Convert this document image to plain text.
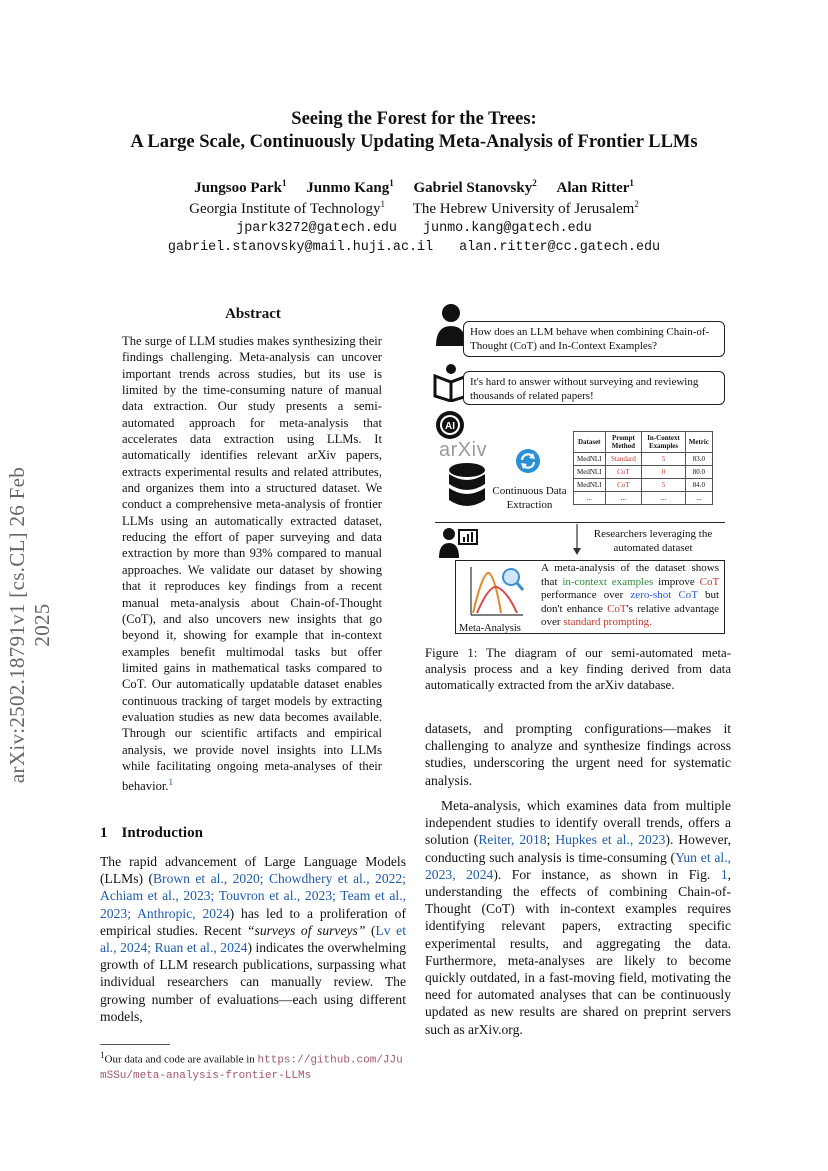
Seeing the Forest for the Trees:
A Large Scale, Continuously Updating Meta-Analysis of Frontier LLMs
Jungsoo Park$^1$ Junmo Kang$^1$ Gabriel Stanovsky$^2$ Alan Ritter$^1$
Georgia Institute of Technology$^1$ The Hebrew University of Jerusalem$^2$
jpark3272@gatech.edu junmo.kang@gatech.edu
gabriel.stanovsky@mail.huji.ac.il alan.ritter@cc.gatech.edu
arXiv:2502.18791v1 [cs.CL] 26 Feb 2025
Abstract
The surge of LLM studies makes synthesizing their findings challenging. Meta-analysis can uncover important trends across studies, but its use is limited by the time-consuming nature of manual data extraction. Our study presents a semi-automated approach for meta-analysis that accelerates data extraction using LLMs. It automatically identifies relevant arXiv papers, extracts experimental results and related attributes, and organizes them into a structured dataset. We conduct a comprehensive meta-analysis of frontier LLMs using an automatically extracted dataset, reducing the effort of paper surveying and data extraction by more than 93% compared to manual approaches. We validate our dataset by showing that it reproduces key findings from a recent manual meta-analysis about Chain-of-Thought (CoT), and also uncovers new insights that go beyond it, showing for example that in-context examples benefit multimodal tasks but offer limited gains in mathematical tasks compared to CoT. Our automatically updatable dataset enables continuous tracking of target models by extracting evaluation studies as new data becomes available. Through our scientific artifacts and empirical analysis, we provide novel insights into LLMs while facilitating ongoing meta-analyses of their behavior.$^1$
1 Introduction
The rapid advancement of Large Language Models (LLMs) (Brown et al., 2020; Chowdhery et al., 2022; Achiam et al., 2023; Touvron et al., 2023; Team et al., 2023; Anthropic, 2024) has led to a proliferation of empirical studies. Recent “surveys of surveys” (Lv et al., 2024; Ruan et al., 2024) indicates the overwhelming growth of LLM research publications, surpassing what individual researchers can manually review. The growing number of evaluations—each using different models,
$^1$Our data and code are available in https://github.com/JJumSSu/meta-analysis-frontier-LLMs
How does an LLM behave when combining Chain-of-Thought (CoT) and In-Context Examples?
It's hard to answer without surveying and reviewing thousands of related papers!
AI
arXiv
Continuous Data Extraction
Dataset	Prompt Method	In-Context Examples	Metric
MedNLI	Standard	5	83.0
MedNLI	CoT	0	80.0
MedNLI	CoT	5	84.0
...	...	...	...
Researchers leveraging the automated dataset
Meta-Analysis
A meta-analysis of the dataset shows that in-context examples improve CoT performance over zero-shot CoT but don't enhance CoT's relative advantage over standard prompting.
Figure 1: The diagram of our semi-automated meta-analysis process and a key finding derived from data automatically extracted from the arXiv database.
datasets, and prompting configurations—makes it challenging to analyze and synthesize findings across studies, underscoring the urgent need for systematic analysis.
Meta-analysis, which examines data from multiple independent studies to identify overall trends, offers a solution (Reiter, 2018; Hupkes et al., 2023). However, conducting such analysis is time-consuming (Yun et al., 2023, 2024). For instance, as shown in Fig. 1, understanding the effects of combining Chain-of-Thought (CoT) with in-context examples requires identifying relevant papers, extracting specific experimental results, and aggregating the data. Furthermore, meta-analyses are likely to become quickly outdated, in a fast-moving field, motivating the need for automated analyses that can be continuously updated as new results are shared on preprint servers such as arXiv.org.
